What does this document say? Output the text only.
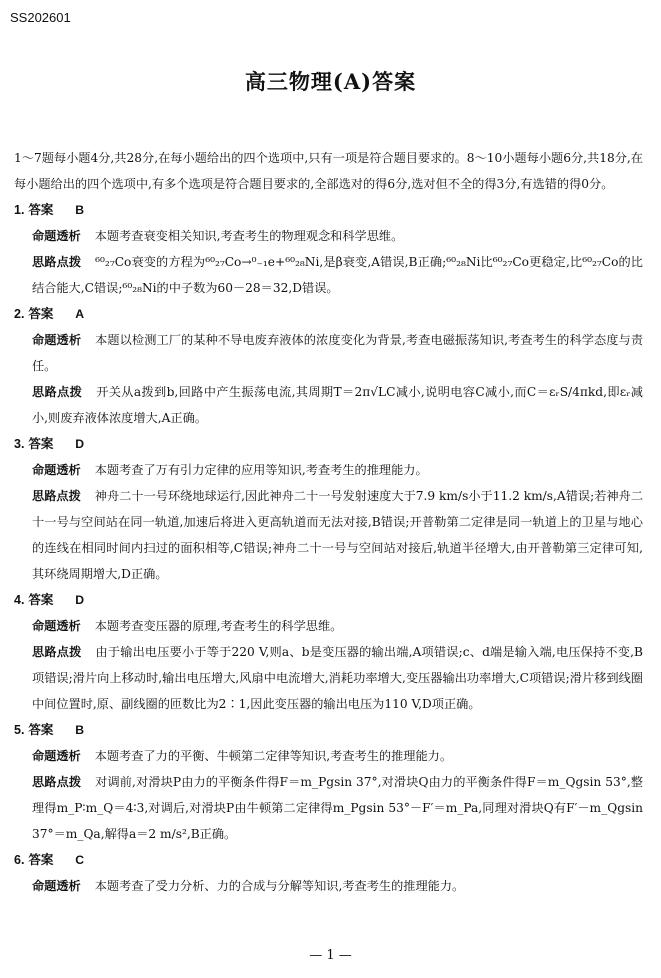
SS202601
高三物理(A)答案

1～7题每小题4分,共28分,在每小题给出的四个选项中,只有一项是符合题目要求的。8～10小题每小题6分,共18分,在每小题给出的四个选项中,有多个选项是符合题目要求的,全部选对的得6分,选对但不全的得3分,有选错的得0分。

1. 答案 B

命题透析 本题考查衰变相关知识,考查考生的物理观念和科学思维。

思路点拨 ⁶⁰₂₇Co衰变的方程为⁶⁰₂₇Co→⁰₋₁e+⁶⁰₂₈Ni,是β衰变,A错误,B正确;⁶⁰₂₈Ni比⁶⁰₂₇Co更稳定,比⁶⁰₂₇Co的比结合能大,C错误;⁶⁰₂₈Ni的中子数为60－28＝32,D错误。

2. 答案 A

命题透析 本题以检测工厂的某种不导电废弃液体的浓度变化为背景,考查电磁振荡知识,考查考生的科学态度与责任。

思路点拨 开关从a拨到b,回路中产生振荡电流,其周期T＝2π√LC减小,说明电容C减小,而C＝εᵣS/4πkd,即εᵣ减小,则废弃液体浓度增大,A正确。

3. 答案 D

命题透析 本题考查了万有引力定律的应用等知识,考查考生的推理能力。

思路点拨 神舟二十一号环绕地球运行,因此神舟二十一号发射速度大于7.9 km/s小于11.2 km/s,A错误;若神舟二十一号与空间站在同一轨道,加速后将进入更高轨道而无法对接,B错误;开普勒第二定律是同一轨道上的卫星与地心的连线在相同时间内扫过的面积相等,C错误;神舟二十一号与空间站对接后,轨道半径增大,由开普勒第三定律可知,其环绕周期增大,D正确。

4. 答案 D

命题透析 本题考查变压器的原理,考查考生的科学思维。

思路点拨 由于输出电压要小于等于220 V,则a、b是变压器的输出端,A项错误;c、d端是输入端,电压保持不变,B项错误;滑片向上移动时,输出电压增大,风扇中电流增大,消耗功率增大,变压器输出功率增大,C项错误;滑片移到线圈中间位置时,原、副线圈的匝数比为2∶1,因此变压器的输出电压为110 V,D项正确。

5. 答案 B

命题透析 本题考查了力的平衡、牛顿第二定律等知识,考查考生的推理能力。

思路点拨 对调前,对滑块P由力的平衡条件得F＝m_Pgsin 37°,对滑块Q由力的平衡条件得F＝m_Qgsin 53°,整理得m_P∶m_Q＝4∶3,对调后,对滑块P由牛顿第二定律得m_Pgsin 53°－F′＝m_Pa,同理对滑块Q有F′－m_Qgsin 37°＝m_Qa,解得a＝2 m/s²,B正确。

6. 答案 C

命题透析 本题考查了受力分析、力的合成与分解等知识,考查考生的推理能力。

— 1 —
